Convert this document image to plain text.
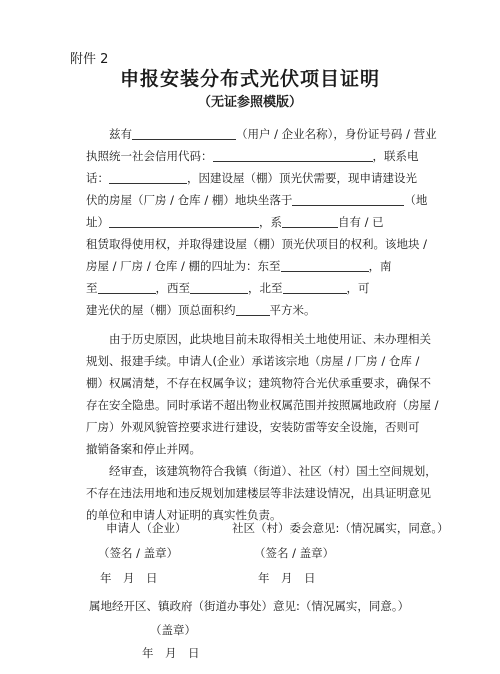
附件 2
申报安装分布式光伏项目证明
（无证参照模版）
兹有	（用户 / 企业名称），身份证号码 / 营业
执照统一社会信用代码：	，联系电
话：	，因建设屋（棚）顶光伏需要，现申请建设光
伏的房屋（厂房 / 仓库 / 棚）地块坐落于	（地
址）	，系	自有 / 已
租赁取得使用权，并取得建设屋（棚）顶光伏项目的权利。该地块 /
房屋 / 厂房 / 仓库 / 棚的四址为：东至	，南
至	，西至	，北至	，可
建光伏的屋（棚）顶总面积约	平方米。
由于历史原因，此块地目前未取得相关土地使用证、未办理相关
规划、报建手续。申请人(企业）承诺该宗地（房屋 / 厂房 / 仓库 /
棚）权属清楚，不存在权属争议；建筑物符合光伏承重要求，确保不
存在安全隐患。同时承诺不超出物业权属范围并按照属地政府（房屋 /
厂房）外观风貌管控要求进行建设，安装防雷等安全设施，否则可
撤销备案和停止并网。
经审查，该建筑物符合我镇（街道）、社区（村）国土空间规划，
不存在违法用地和违反规划加建楼层等非法建设情况，出具证明意见
的单位和申请人对证明的真实性负责。
申请人（企业）	社区（村）委会意见:（情况属实，同意。）
（签名 / 盖章）	（签名 / 盖章）
年　月　日	年　月　日
属地经开区、镇政府（街道办事处）意见:（情况属实，同意。）
（盖章）
年　月　日
